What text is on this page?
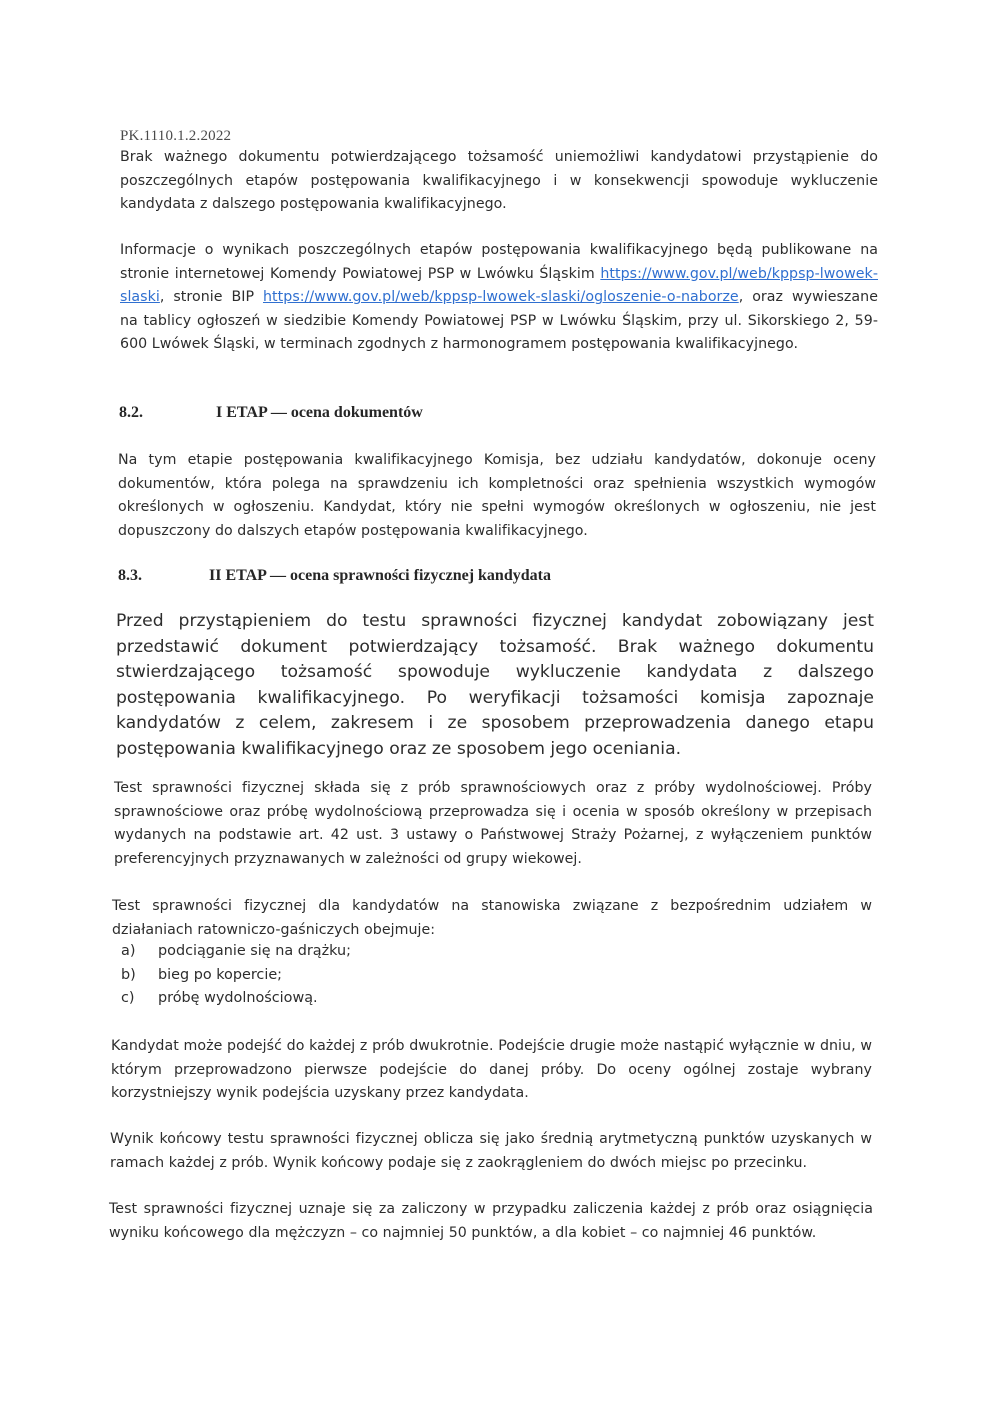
PK.1110.1.2.2022

Brak ważnego dokumentu potwierdzającego tożsamość uniemożliwi kandydatowi przystąpienie do poszczególnych etapów postępowania kwalifikacyjnego i w konsekwencji spowoduje wykluczenie kandydata z dalszego postępowania kwalifikacyjnego.

Informacje o wynikach poszczególnych etapów postępowania kwalifikacyjnego będą publikowane na stronie internetowej Komendy Powiatowej PSP w Lwówku Śląskim https://www.gov.pl/web/kppsp-lwowek-slaski, stronie BIP https://www.gov.pl/web/kppsp-lwowek-slaski/ogloszenie-o-naborze, oraz wywieszane na tablicy ogłoszeń w siedzibie Komendy Powiatowej PSP w Lwówku Śląskim, przy ul. Sikorskiego 2, 59-600 Lwówek Śląski, w terminach zgodnych z harmonogramem postępowania kwalifikacyjnego.

8.2.	I ETAP — ocena dokumentów

Na tym etapie postępowania kwalifikacyjnego Komisja, bez udziału kandydatów, dokonuje oceny dokumentów, która polega na sprawdzeniu ich kompletności oraz spełnienia wszystkich wymogów określonych w ogłoszeniu. Kandydat, który nie spełni wymogów określonych w ogłoszeniu, nie jest dopuszczony do dalszych etapów postępowania kwalifikacyjnego.

8.3.	II ETAP — ocena sprawności fizycznej kandydata

Przed przystąpieniem do testu sprawności fizycznej kandydat zobowiązany jest przedstawić dokument potwierdzający tożsamość. Brak ważnego dokumentu stwierdzającego tożsamość spowoduje wykluczenie kandydata z dalszego postępowania kwalifikacyjnego. Po weryfikacji tożsamości komisja zapoznaje kandydatów z celem, zakresem i ze sposobem przeprowadzenia danego etapu postępowania kwalifikacyjnego oraz ze sposobem jego oceniania.

Test sprawności fizycznej składa się z prób sprawnościowych oraz z próby wydolnościowej. Próby sprawnościowe oraz próbę wydolnościową przeprowadza się i ocenia w sposób określony w przepisach wydanych na podstawie art. 42 ust. 3 ustawy o Państwowej Straży Pożarnej, z wyłączeniem punktów preferencyjnych przyznawanych w zależności od grupy wiekowej.

Test sprawności fizycznej dla kandydatów na stanowiska związane z bezpośrednim udziałem w działaniach ratowniczo-gaśniczych obejmuje:

a) podciąganie się na drążku;
b) bieg po kopercie;
c) próbę wydolnościową.

Kandydat może podejść do każdej z prób dwukrotnie. Podejście drugie może nastąpić wyłącznie w dniu, w którym przeprowadzono pierwsze podejście do danej próby. Do oceny ogólnej zostaje wybrany korzystniejszy wynik podejścia uzyskany przez kandydata.

Wynik końcowy testu sprawności fizycznej oblicza się jako średnią arytmetyczną punktów uzyskanych w ramach każdej z prób. Wynik końcowy podaje się z zaokrągleniem do dwóch miejsc po przecinku.

Test sprawności fizycznej uznaje się za zaliczony w przypadku zaliczenia każdej z prób oraz osiągnięcia wyniku końcowego dla mężczyzn – co najmniej 50 punktów, a dla kobiet – co najmniej 46 punktów.
